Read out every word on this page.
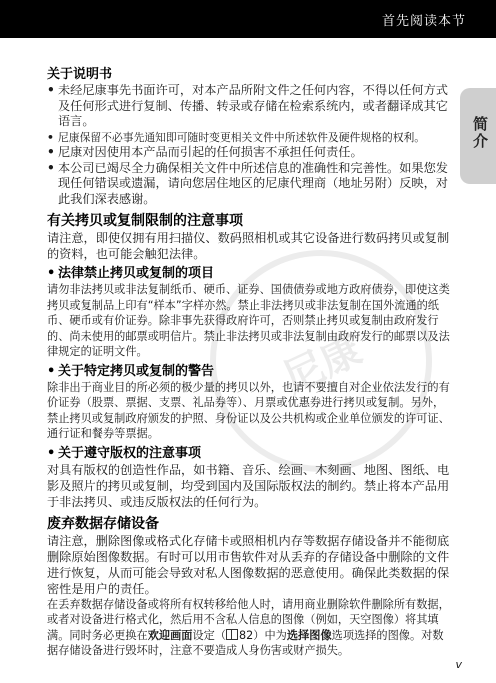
首先阅读本节
简介
尼康
关于说明书
• 未经尼康事先书面许可，对本产品所附文件之任何内容，不得以任何方式及任何形式进行复制、传播、转录或存储在检索系统内，或者翻译成其它语言。
• 尼康保留不必事先通知即可随时变更相关文件中所述软件及硬件规格的权利。
• 尼康对因使用本产品而引起的任何损害不承担任何责任。
• 本公司已竭尽全力确保相关文件中所述信息的准确性和完善性。如果您发现任何错误或遗漏，请向您居住地区的尼康代理商（地址另附）反映，对此我们深表感谢。
有关拷贝或复制限制的注意事项

请注意，即使仅拥有用扫描仪、数码照相机或其它设备进行数码拷贝或复制的资料，也可能会触犯法律。

• 法律禁止拷贝或复制的项目

请勿非法拷贝或非法复制纸币、硬币、证券、国债债券或地方政府债券，即使这类拷贝或复制品上印有“样本”字样亦然。禁止非法拷贝或非法复制在国外流通的纸币、硬币或有价证券。除非事先获得政府许可，否则禁止拷贝或复制由政府发行的、尚未使用的邮票或明信片。禁止非法拷贝或非法复制由政府发行的邮票以及法律规定的证明文件。

• 关于特定拷贝或复制的警告

除非出于商业目的所必须的极少量的拷贝以外，也请不要擅自对企业依法发行的有价证券（股票、票据、支票、礼品券等）、月票或优惠券进行拷贝或复制。另外，禁止拷贝或复制政府颁发的护照、身份证以及公共机构或企业单位颁发的许可证、通行证和餐券等票据。

• 关于遵守版权的注意事项

对具有版权的创造性作品，如书籍、音乐、绘画、木刻画、地图、图纸、电影及照片的拷贝或复制，均受到国内及国际版权法的制约。禁止将本产品用于非法拷贝、或违反版权法的任何行为。

废弃数据存储设备

请注意，删除图像或格式化存储卡或照相机内存等数据存储设备并不能彻底删除原始图像数据。有时可以用市售软件对从丢弃的存储设备中删除的文件进行恢复，从而可能会导致对私人图像数据的恶意使用。确保此类数据的保密性是用户的责任。

在丢弃数据存储设备或将所有权转移给他人时，请用商业删除软件删除所有数据，或者对设备进行格式化，然后用不含私人信息的图像（例如，天空图像）将其填满。同时务必更换在欢迎画面设定（ 82）中为选择图像选项选择的图像。对数据存储设备进行毁坏时，注意不要造成人身伤害或财产损失。

v
